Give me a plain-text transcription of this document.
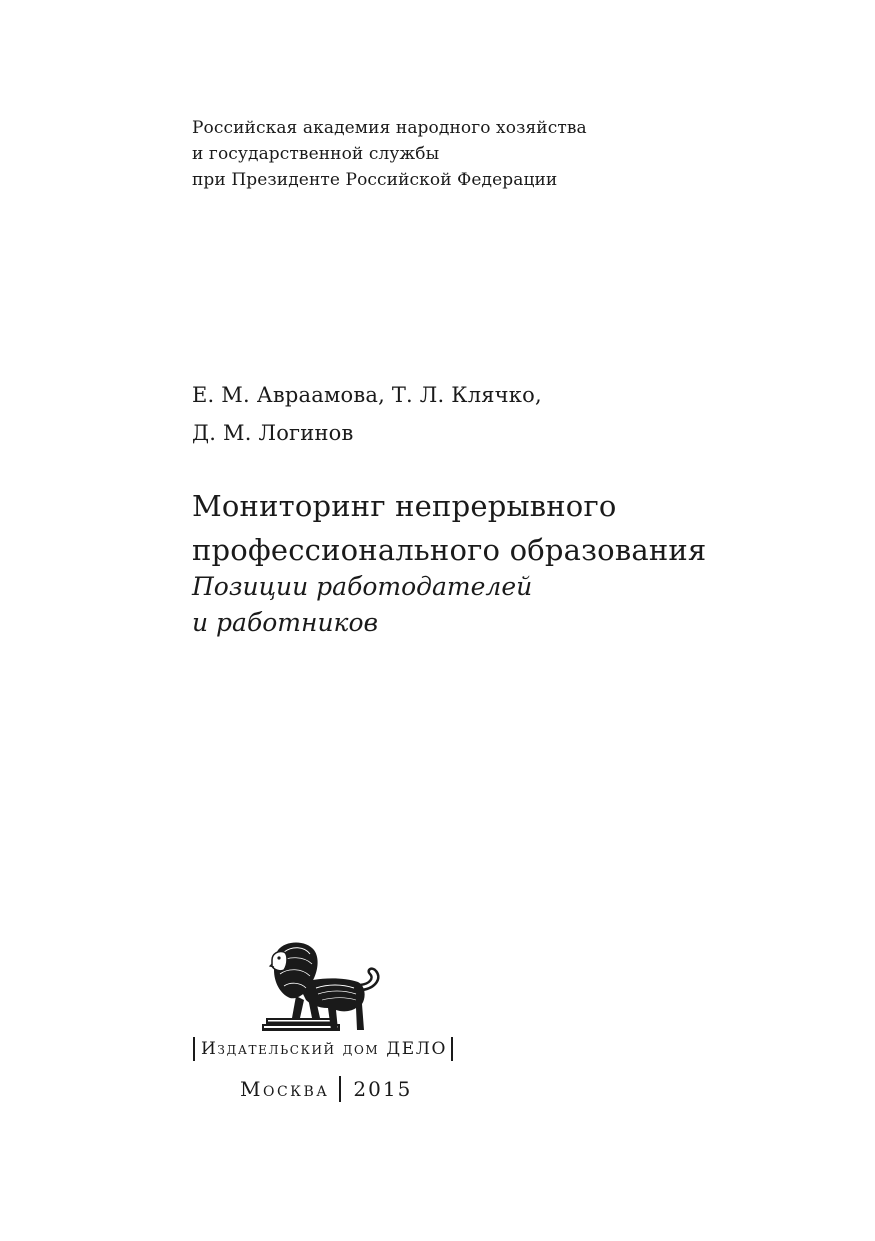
Российская академия народного хозяйства
и государственной службы
при Президенте Российской Федерации
Е. М. Авраамова, Т. Л. Клячко,
Д. М. Логинов
Мониторинг непрерывного
профессионального образования
Позиции работодателей
и работников
Издательский дом ДЕЛО
Москва 2015
